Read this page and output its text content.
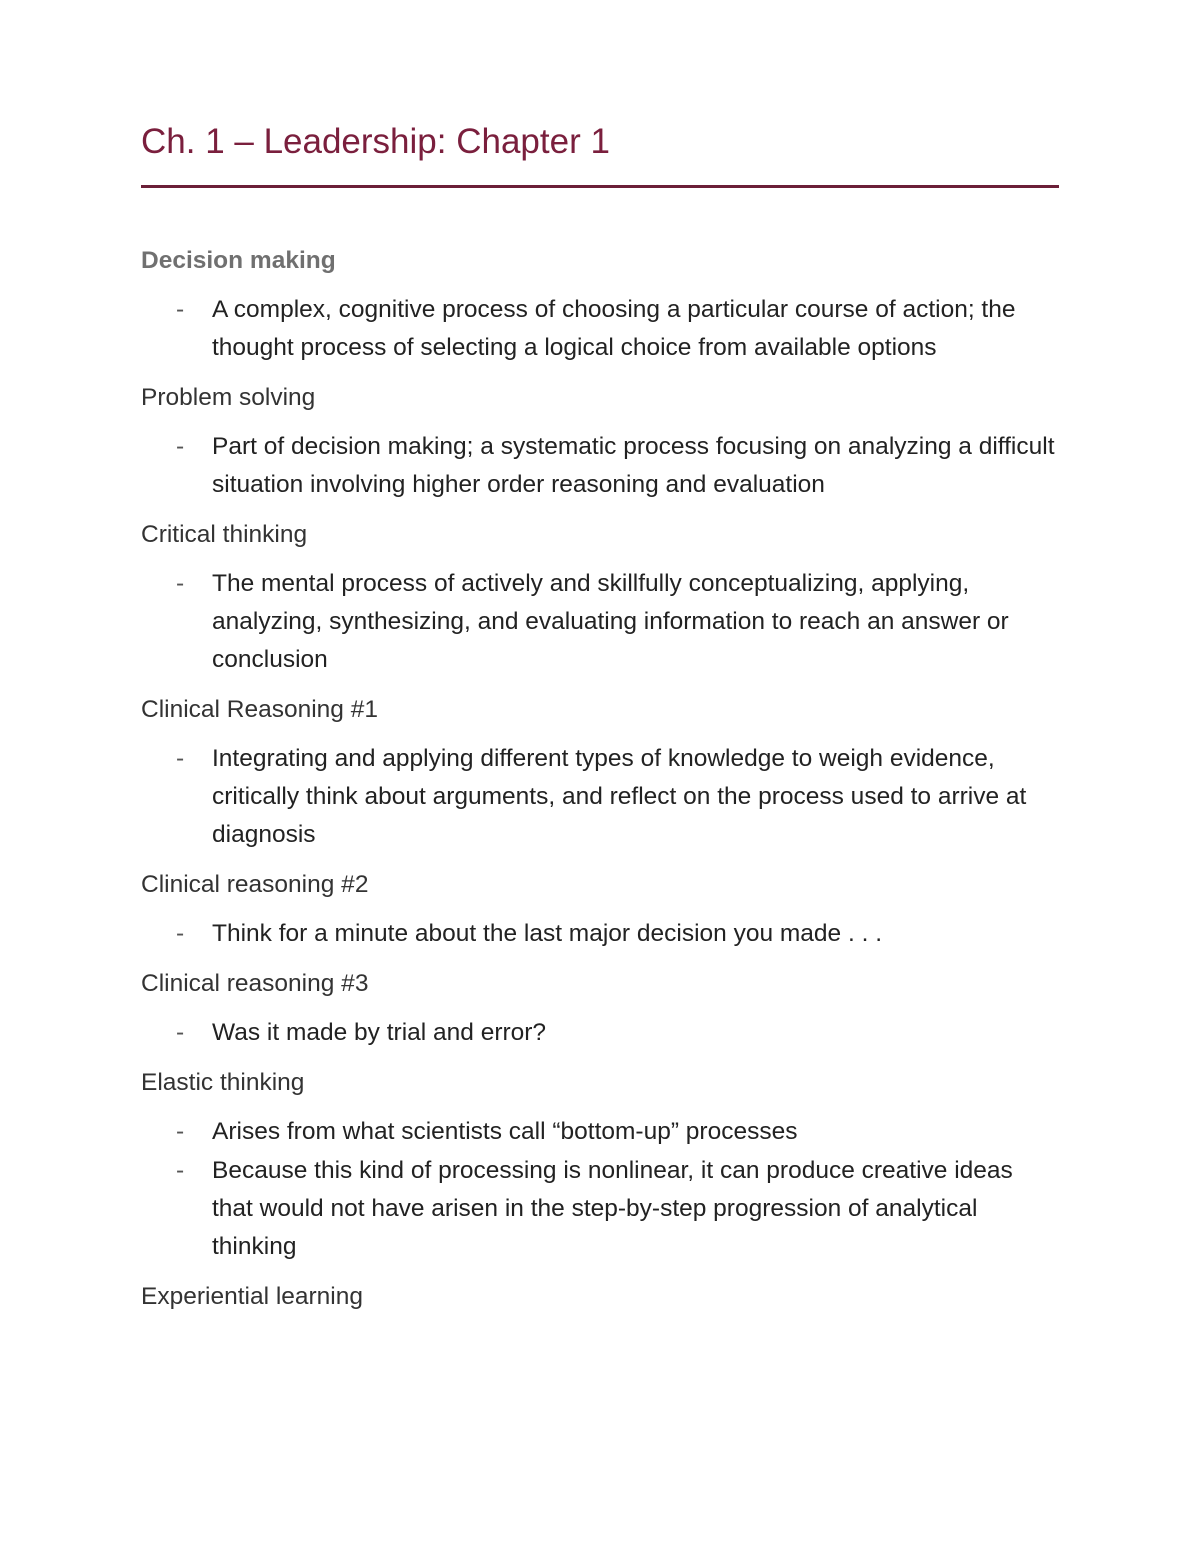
Ch. 1 – Leadership: Chapter 1

Decision making

- A complex, cognitive process of choosing a particular course of action; the thought process of selecting a logical choice from available options

Problem solving

- Part of decision making; a systematic process focusing on analyzing a difficult situation involving higher order reasoning and evaluation

Critical thinking

- The mental process of actively and skillfully conceptualizing, applying, analyzing, synthesizing, and evaluating information to reach an answer or conclusion

Clinical Reasoning #1

- Integrating and applying different types of knowledge to weigh evidence, critically think about arguments, and reflect on the process used to arrive at diagnosis

Clinical reasoning #2

- Think for a minute about the last major decision you made . . .

Clinical reasoning #3

- Was it made by trial and error?

Elastic thinking

- Arises from what scientists call “bottom-up” processes
- Because this kind of processing is nonlinear, it can produce creative ideas that would not have arisen in the step-by-step progression of analytical thinking

Experiential learning
